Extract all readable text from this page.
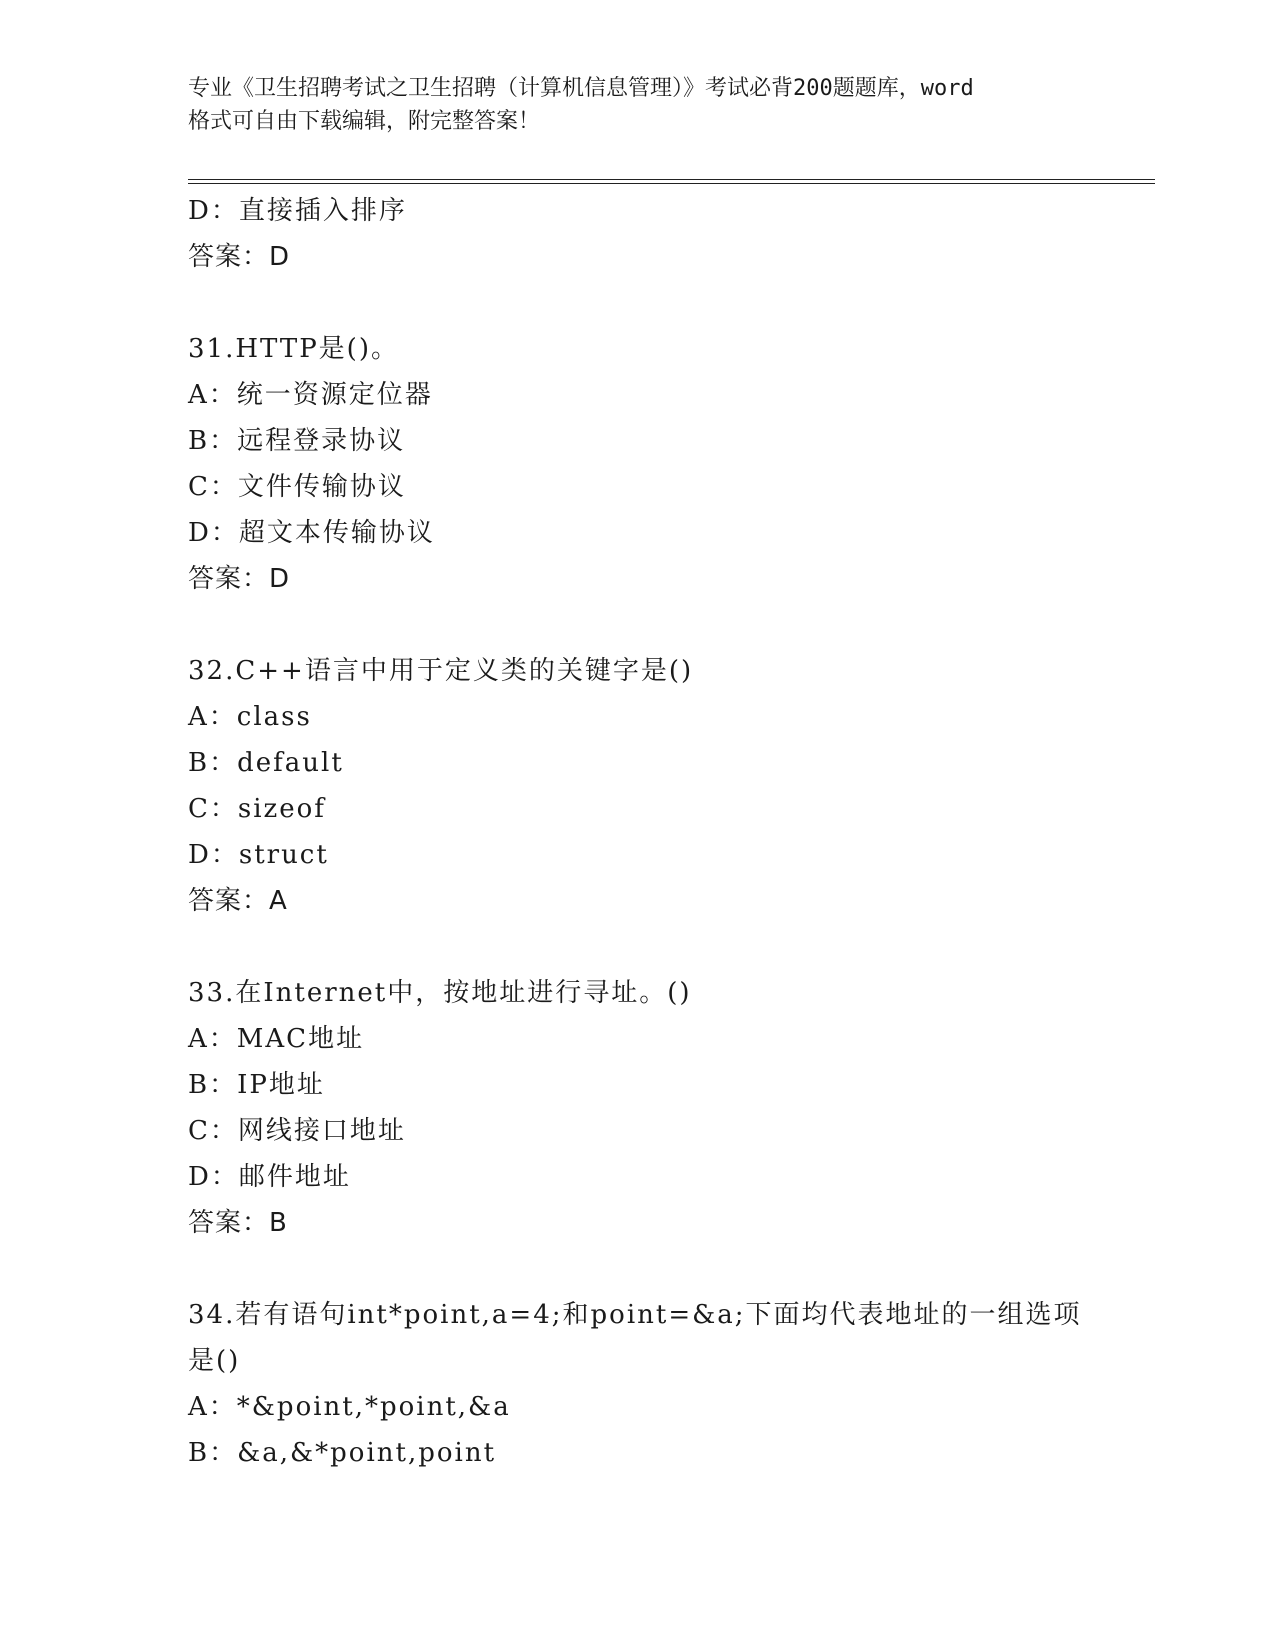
专业《卫生招聘考试之卫生招聘（计算机信息管理）》考试必背200题题库，word
格式可自由下载编辑，附完整答案！
D：直接插入排序
答案：D
31.HTTP是()。
A：统一资源定位器
B：远程登录协议
C：文件传输协议
D：超文本传输协议
答案：D
32.C++语言中用于定义类的关键字是()
A：class
B：default
C：sizeof
D：struct
答案：A
33.在Internet中，按地址进行寻址。()
A：MAC地址
B：IP地址
C：网线接口地址
D：邮件地址
答案：B
34.若有语句int*point,a=4;和point=&a;下面均代表地址的一组选项
是()
A：*&point,*point,&a
B：&a,&*point,point
